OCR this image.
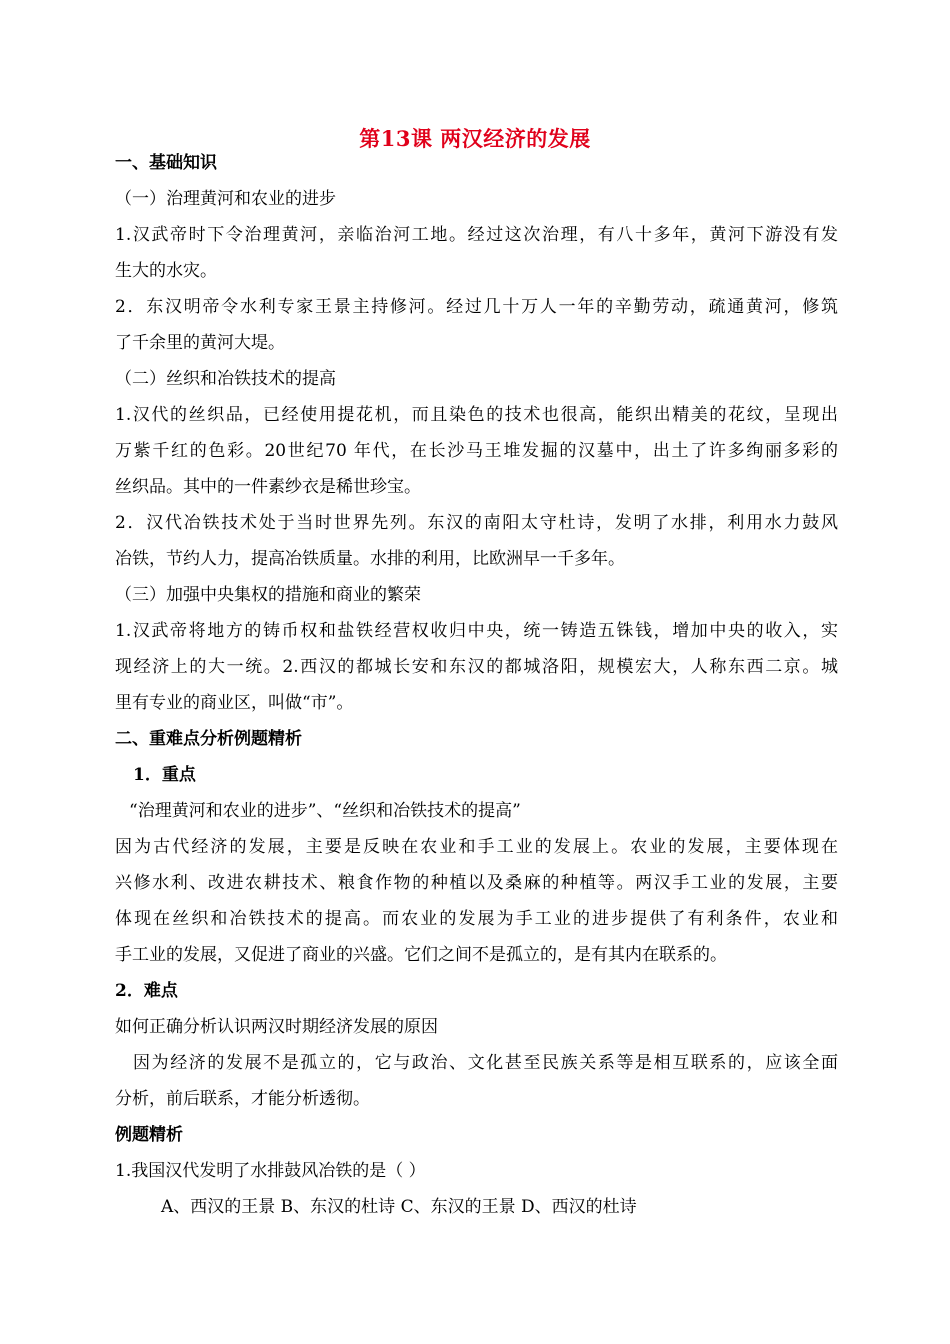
第13课 两汉经济的发展
一、基础知识
（一）治理黄河和农业的进步
1.汉武帝时下令治理黄河，亲临治河工地。经过这次治理，有八十多年，黄河下游没有发
生大的水灾。
2．东汉明帝令水利专家王景主持修河。经过几十万人一年的辛勤劳动，疏通黄河，修筑
了千余里的黄河大堤。
（二）丝织和冶铁技术的提高
1.汉代的丝织品，已经使用提花机，而且染色的技术也很高，能织出精美的花纹，呈现出
万紫千红的色彩。20世纪70 年代，在长沙马王堆发掘的汉墓中，出土了许多绚丽多彩的
丝织品。其中的一件素纱衣是稀世珍宝。
2．汉代冶铁技术处于当时世界先列。东汉的南阳太守杜诗，发明了水排，利用水力鼓风
冶铁，节约人力，提高冶铁质量。水排的利用，比欧洲早一千多年。
（三）加强中央集权的措施和商业的繁荣
1.汉武帝将地方的铸币权和盐铁经营权收归中央，统一铸造五铢钱，增加中央的收入，实
现经济上的大一统。2.西汉的都城长安和东汉的都城洛阳，规模宏大，人称东西二京。城
里有专业的商业区，叫做“市”。
二、重难点分析例题精析
1．重点
“治理黄河和农业的进步”、“丝织和冶铁技术的提高”
因为古代经济的发展，主要是反映在农业和手工业的发展上。农业的发展，主要体现在
兴修水利、改进农耕技术、粮食作物的种植以及桑麻的种植等。两汉手工业的发展，主要
体现在丝织和冶铁技术的提高。而农业的发展为手工业的进步提供了有利条件，农业和
手工业的发展，又促进了商业的兴盛。它们之间不是孤立的，是有其内在联系的。
2．难点
如何正确分析认识两汉时期经济发展的原因
因为经济的发展不是孤立的，它与政治、文化甚至民族关系等是相互联系的，应该全面
分析，前后联系，才能分析透彻。
例题精析
1.我国汉代发明了水排鼓风冶铁的是（ ）
A、西汉的王景 B、东汉的杜诗 C、东汉的王景 D、西汉的杜诗
